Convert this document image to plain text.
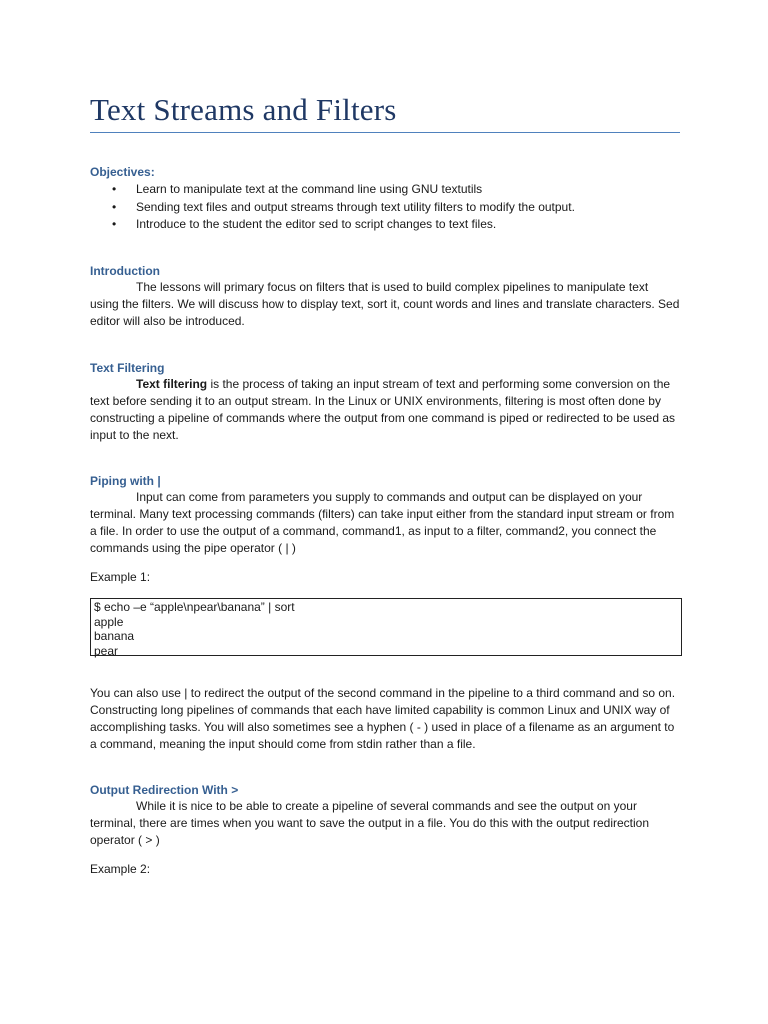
Text Streams and Filters
Objectives:
• Learn to manipulate text at the command line using GNU textutils
• Sending text files and output streams through text utility filters to modify the output.
• Introduce to the student the editor sed to script changes to text files.
Introduction
The lessons will primary focus on filters that is used to build complex pipelines to manipulate text using the filters. We will discuss how to display text, sort it, count words and lines and translate characters. Sed editor will also be introduced.
Text Filtering
Text filtering is the process of taking an input stream of text and performing some conversion on the text before sending it to an output stream. In the Linux or UNIX environments, filtering is most often done by constructing a pipeline of commands where the output from one command is piped or redirected to be used as input to the next.
Piping with |
Input can come from parameters you supply to commands and output can be displayed on your terminal. Many text processing commands (filters) can take input either from the standard input stream or from a file. In order to use the output of a command, command1, as input to a filter, command2, you connect the commands using the pipe operator ( | )
Example 1:
$ echo –e “apple\npear\banana” | sort
apple
banana
pear
You can also use | to redirect the output of the second command in the pipeline to a third command and so on. Constructing long pipelines of commands that each have limited capability is common Linux and UNIX way of accomplishing tasks. You will also sometimes see a hyphen ( - ) used in place of a filename as an argument to a command, meaning the input should come from stdin rather than a file.
Output Redirection With >
While it is nice to be able to create a pipeline of several commands and see the output on your terminal, there are times when you want to save the output in a file. You do this with the output redirection operator ( > )
Example 2:
